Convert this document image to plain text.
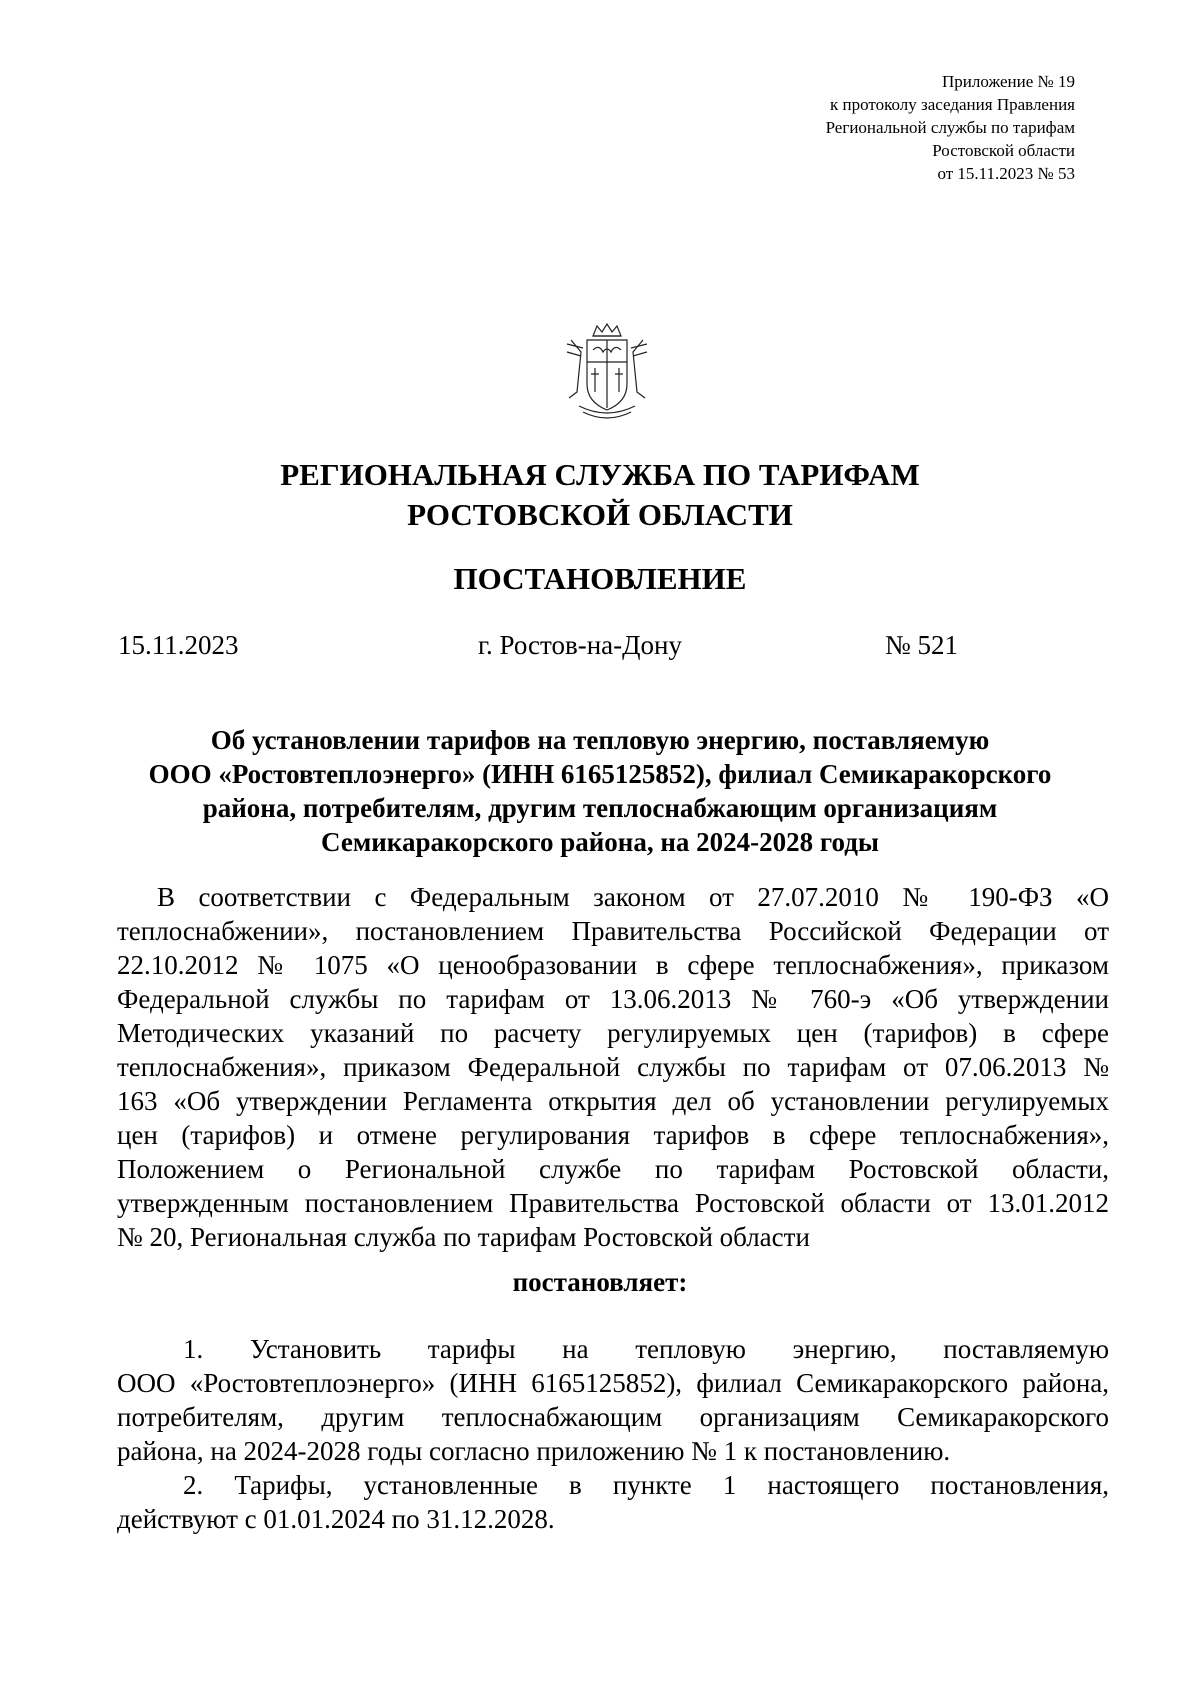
Приложение № 19
к протоколу заседания Правления
Региональной службы по тарифам
Ростовской области
от 15.11.2023 № 53
РЕГИОНАЛЬНАЯ СЛУЖБА ПО ТАРИФАМ
РОСТОВСКОЙ ОБЛАСТИ
ПОСТАНОВЛЕНИЕ
15.11.2023	г. Ростов-на-Дону	№ 521
Об установлении тарифов на тепловую энергию, поставляемую
ООО «Ростовтеплоэнерго» (ИНН 6165125852), филиал Семикаракорского
района, потребителям, другим теплоснабжающим организациям
Семикаракорского района, на 2024-2028 годы
В соответствии с Федеральным законом от 27.07.2010 № 190-ФЗ «О
теплоснабжении», постановлением Правительства Российской Федерации от
22.10.2012 № 1075 «О ценообразовании в сфере теплоснабжения», приказом
Федеральной службы по тарифам от 13.06.2013 № 760-э «Об утверждении
Методических указаний по расчету регулируемых цен (тарифов) в сфере
теплоснабжения», приказом Федеральной службы по тарифам от 07.06.2013 №
163 «Об утверждении Регламента открытия дел об установлении регулируемых
цен (тарифов) и отмене регулирования тарифов в сфере теплоснабжения»,
Положением о Региональной службе по тарифам Ростовской области,
утвержденным постановлением Правительства Ростовской области от 13.01.2012
№ 20, Региональная служба по тарифам Ростовской области
постановляет:
1. Установить тарифы на тепловую энергию, поставляемую
ООО «Ростовтеплоэнерго» (ИНН 6165125852), филиал Семикаракорского района,
потребителям, другим теплоснабжающим организациям Семикаракорского
района, на 2024-2028 годы согласно приложению № 1 к постановлению.
2. Тарифы, установленные в пункте 1 настоящего постановления,
действуют с 01.01.2024 по 31.12.2028.
